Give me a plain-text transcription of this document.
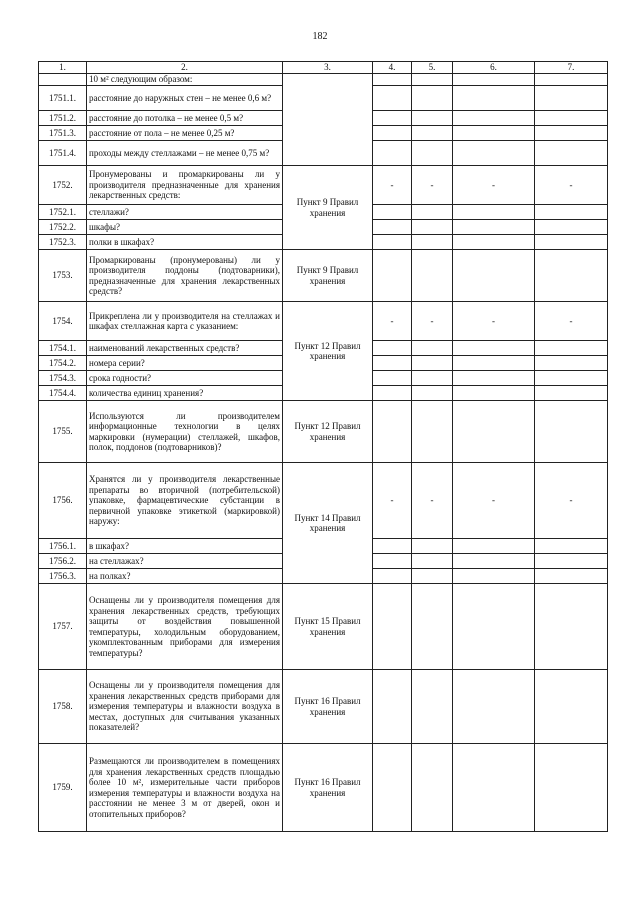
182
1.	2.	3.	4.	5.	6.	7.
	10 м² следующим образом:					
1751.1.	расстояние до наружных стен – не менее 0,6 м?					
1751.2.	расстояние до потолка – не менее 0,5 м?					
1751.3.	расстояние от пола – не менее 0,25 м?					
1751.4.	проходы между стеллажами – не менее 0,75 м?					
1752.	Пронумерованы и промаркированы ли у производителя предназначенные для хранения лекарственных средств:	Пункт 9 Правил хранения	-	-	-	-
1752.1.	стеллажи?					
1752.2.	шкафы?					
1752.3.	полки в шкафах?					
1753.	Промаркированы (пронумерованы) ли у производителя поддоны (подтоварники), предназначенные для хранения лекарственных средств?	Пункт 9 Правил хранения				
1754.	Прикреплена ли у производителя на стеллажах и шкафах стеллажная карта с указанием:	Пункт 12 Правил хранения	-	-	-	-
1754.1.	наименований лекарственных средств?					
1754.2.	номера серии?					
1754.3.	срока годности?					
1754.4.	количества единиц хранения?					
1755.	Используются ли производителем информационные технологии в целях маркировки (нумерации) стеллажей, шкафов, полок, поддонов (подтоварников)?	Пункт 12 Правил хранения				
1756.	Хранятся ли у производителя лекарственные препараты во вторичной (потребительской) упаковке, фармацевтические субстанции в первичной упаковке этикеткой (маркировкой) наружу:	Пункт 14 Правил хранения	-	-	-	-
1756.1.	в шкафах?					
1756.2.	на стеллажах?					
1756.3.	на полках?					
1757.	Оснащены ли у производителя помещения для хранения лекарственных средств, требующих защиты от воздействия повышенной температуры, холодильным оборудованием, укомплектованным приборами для измерения температуры?	Пункт 15 Правил хранения				
1758.	Оснащены ли у производителя помещения для хранения лекарственных средств приборами для измерения температуры и влажности воздуха в местах, доступных для считывания указанных показателей?	Пункт 16 Правил хранения				
1759.	Размещаются ли производителем в помещениях для хранения лекарственных средств площадью более 10 м², измерительные части приборов измерения температуры и влажности воздуха на расстоянии не менее 3 м от дверей, окон и отопительных приборов?	Пункт 16 Правил хранения				
